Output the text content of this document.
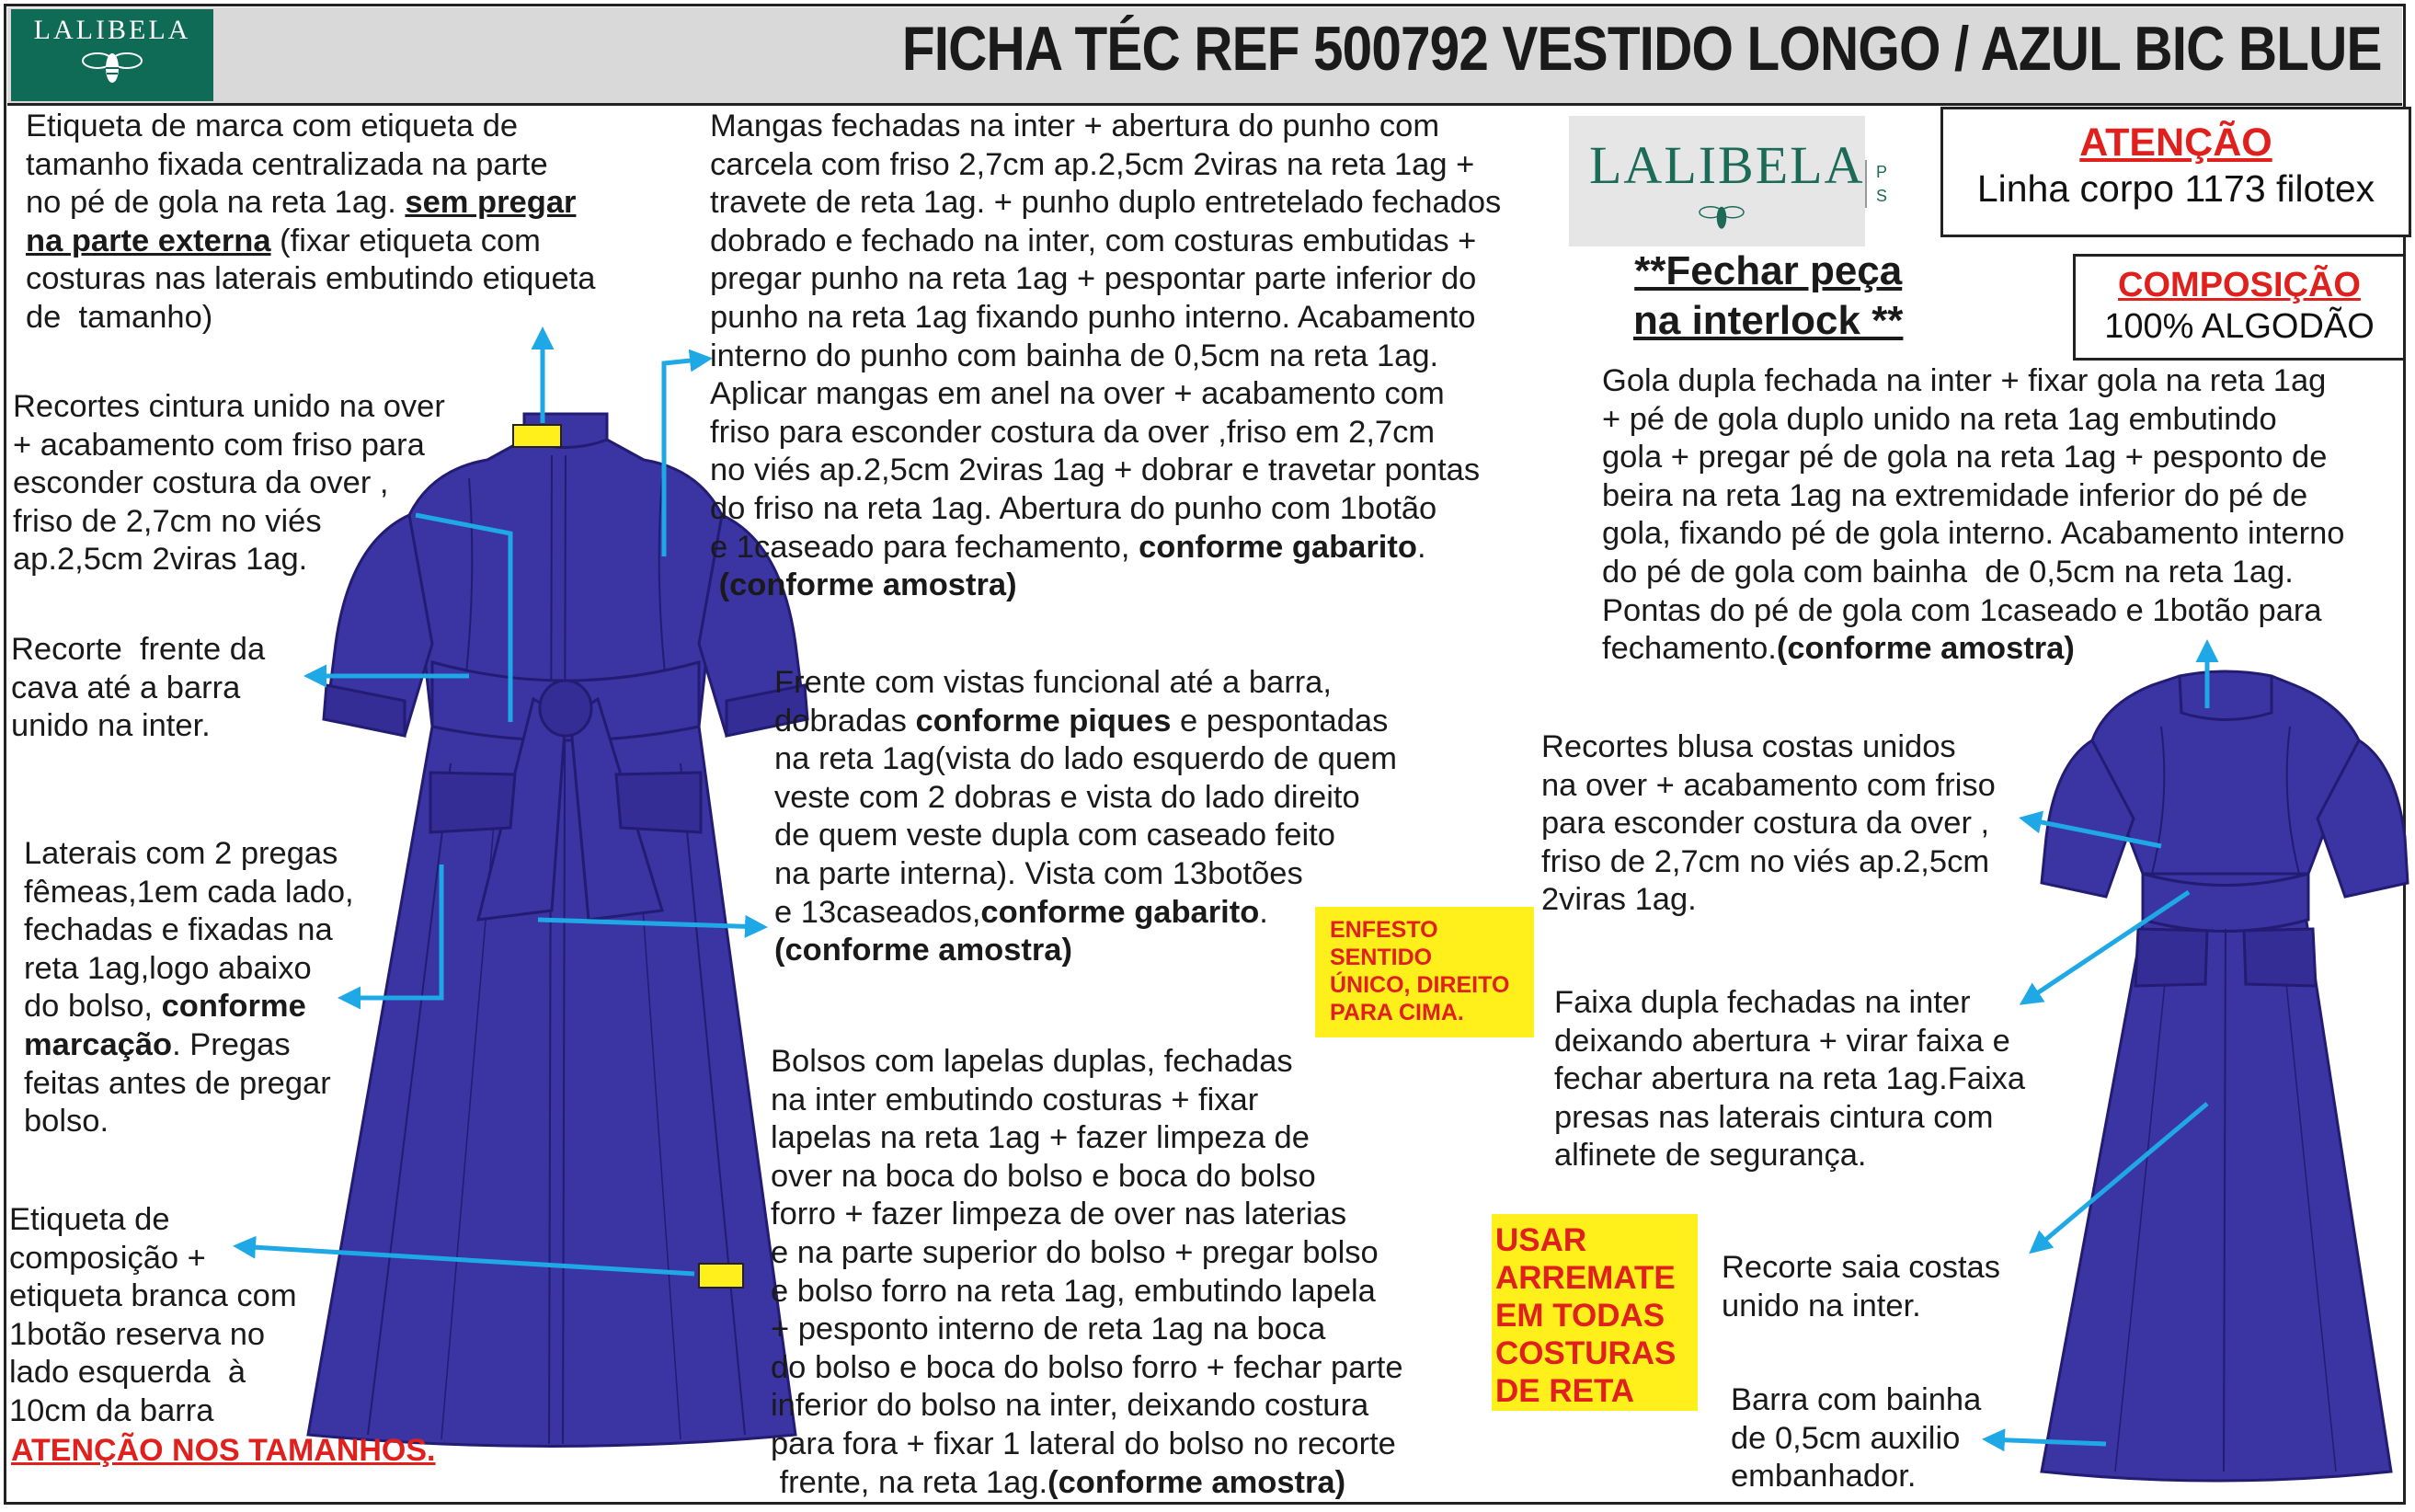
LALIBELA	FICHA TÉC REF 500792 VESTIDO LONGO / AZUL BIC BLUE
Etiqueta de marca com etiqueta de
tamanho fixada centralizada na parte
no pé de gola na reta 1ag. sem pregar
na parte externa (fixar etiqueta com
costuras nas laterais embutindo etiqueta
de  tamanho)
Recortes cintura unido na over
+ acabamento com friso para
esconder costura da over ,
friso de 2,7cm no viés
ap.2,5cm 2viras 1ag.
Recorte  frente da
cava até a barra
unido na inter.
Laterais com 2 pregas
fêmeas,1em cada lado,
fechadas e fixadas na
reta 1ag,logo abaixo
do bolso, conforme
marcação. Pregas
feitas antes de pregar
bolso.
Etiqueta de
composição +
etiqueta branca com
1botão reserva no
lado esquerda  à
10cm da barra
ATENÇÃO NOS TAMANHOS.
Mangas fechadas na inter + abertura do punho com
carcela com friso 2,7cm ap.2,5cm 2viras na reta 1ag +
travete de reta 1ag. + punho duplo entretelado fechados
dobrado e fechado na inter, com costuras embutidas +
pregar punho na reta 1ag + pespontar parte inferior do
punho na reta 1ag fixando punho interno. Acabamento
interno do punho com bainha de 0,5cm na reta 1ag.
Aplicar mangas em anel na over + acabamento com
friso para esconder costura da over ,friso em 2,7cm
no viés ap.2,5cm 2viras 1ag + dobrar e travetar pontas
do friso na reta 1ag. Abertura do punho com 1botão
e 1caseado para fechamento, conforme gabarito.
(conforme amostra)
Frente com vistas funcional até a barra,
dobradas conforme piques e pespontadas
na reta 1ag(vista do lado esquerdo de quem
veste com 2 dobras e vista do lado direito
de quem veste dupla com caseado feito
na parte interna). Vista com 13botões
e 13caseados,conforme gabarito.
(conforme amostra)
ENFESTO
SENTIDO
ÚNICO, DIREITO
PARA CIMA.
Bolsos com lapelas duplas, fechadas
na inter embutindo costuras + fixar
lapelas na reta 1ag + fazer limpeza de
over na boca do bolso e boca do bolso
forro + fazer limpeza de over nas laterias
e na parte superior do bolso + pregar bolso
e bolso forro na reta 1ag, embutindo lapela
+ pesponto interno de reta 1ag na boca
do bolso e boca do bolso forro + fechar parte
inferior do bolso na inter, deixando costura
para fora + fixar 1 lateral do bolso no recorte
frente, na reta 1ag.(conforme amostra)
USAR
ARREMATE
EM TODAS
COSTURAS
DE RETA
LALIBELA P
S
ATENÇÃO
Linha corpo 1173 filotex
**Fechar peça
na interlock **
COMPOSIÇÃO
100% ALGODÃO
Gola dupla fechada na inter + fixar gola na reta 1ag
+ pé de gola duplo unido na reta 1ag embutindo
gola + pregar pé de gola na reta 1ag + pesponto de
beira na reta 1ag na extremidade inferior do pé de
gola, fixando pé de gola interno. Acabamento interno
do pé de gola com bainha  de 0,5cm na reta 1ag.
Pontas do pé de gola com 1caseado e 1botão para
fechamento.(conforme amostra)
Recortes blusa costas unidos
na over + acabamento com friso
para esconder costura da over ,
friso de 2,7cm no viés ap.2,5cm
2viras 1ag.
Faixa dupla fechadas na inter
deixando abertura + virar faixa e
fechar abertura na reta 1ag.Faixa
presas nas laterais cintura com
alfinete de segurança.
Recorte saia costas
unido na inter.
Barra com bainha
de 0,5cm auxilio
embanhador.
